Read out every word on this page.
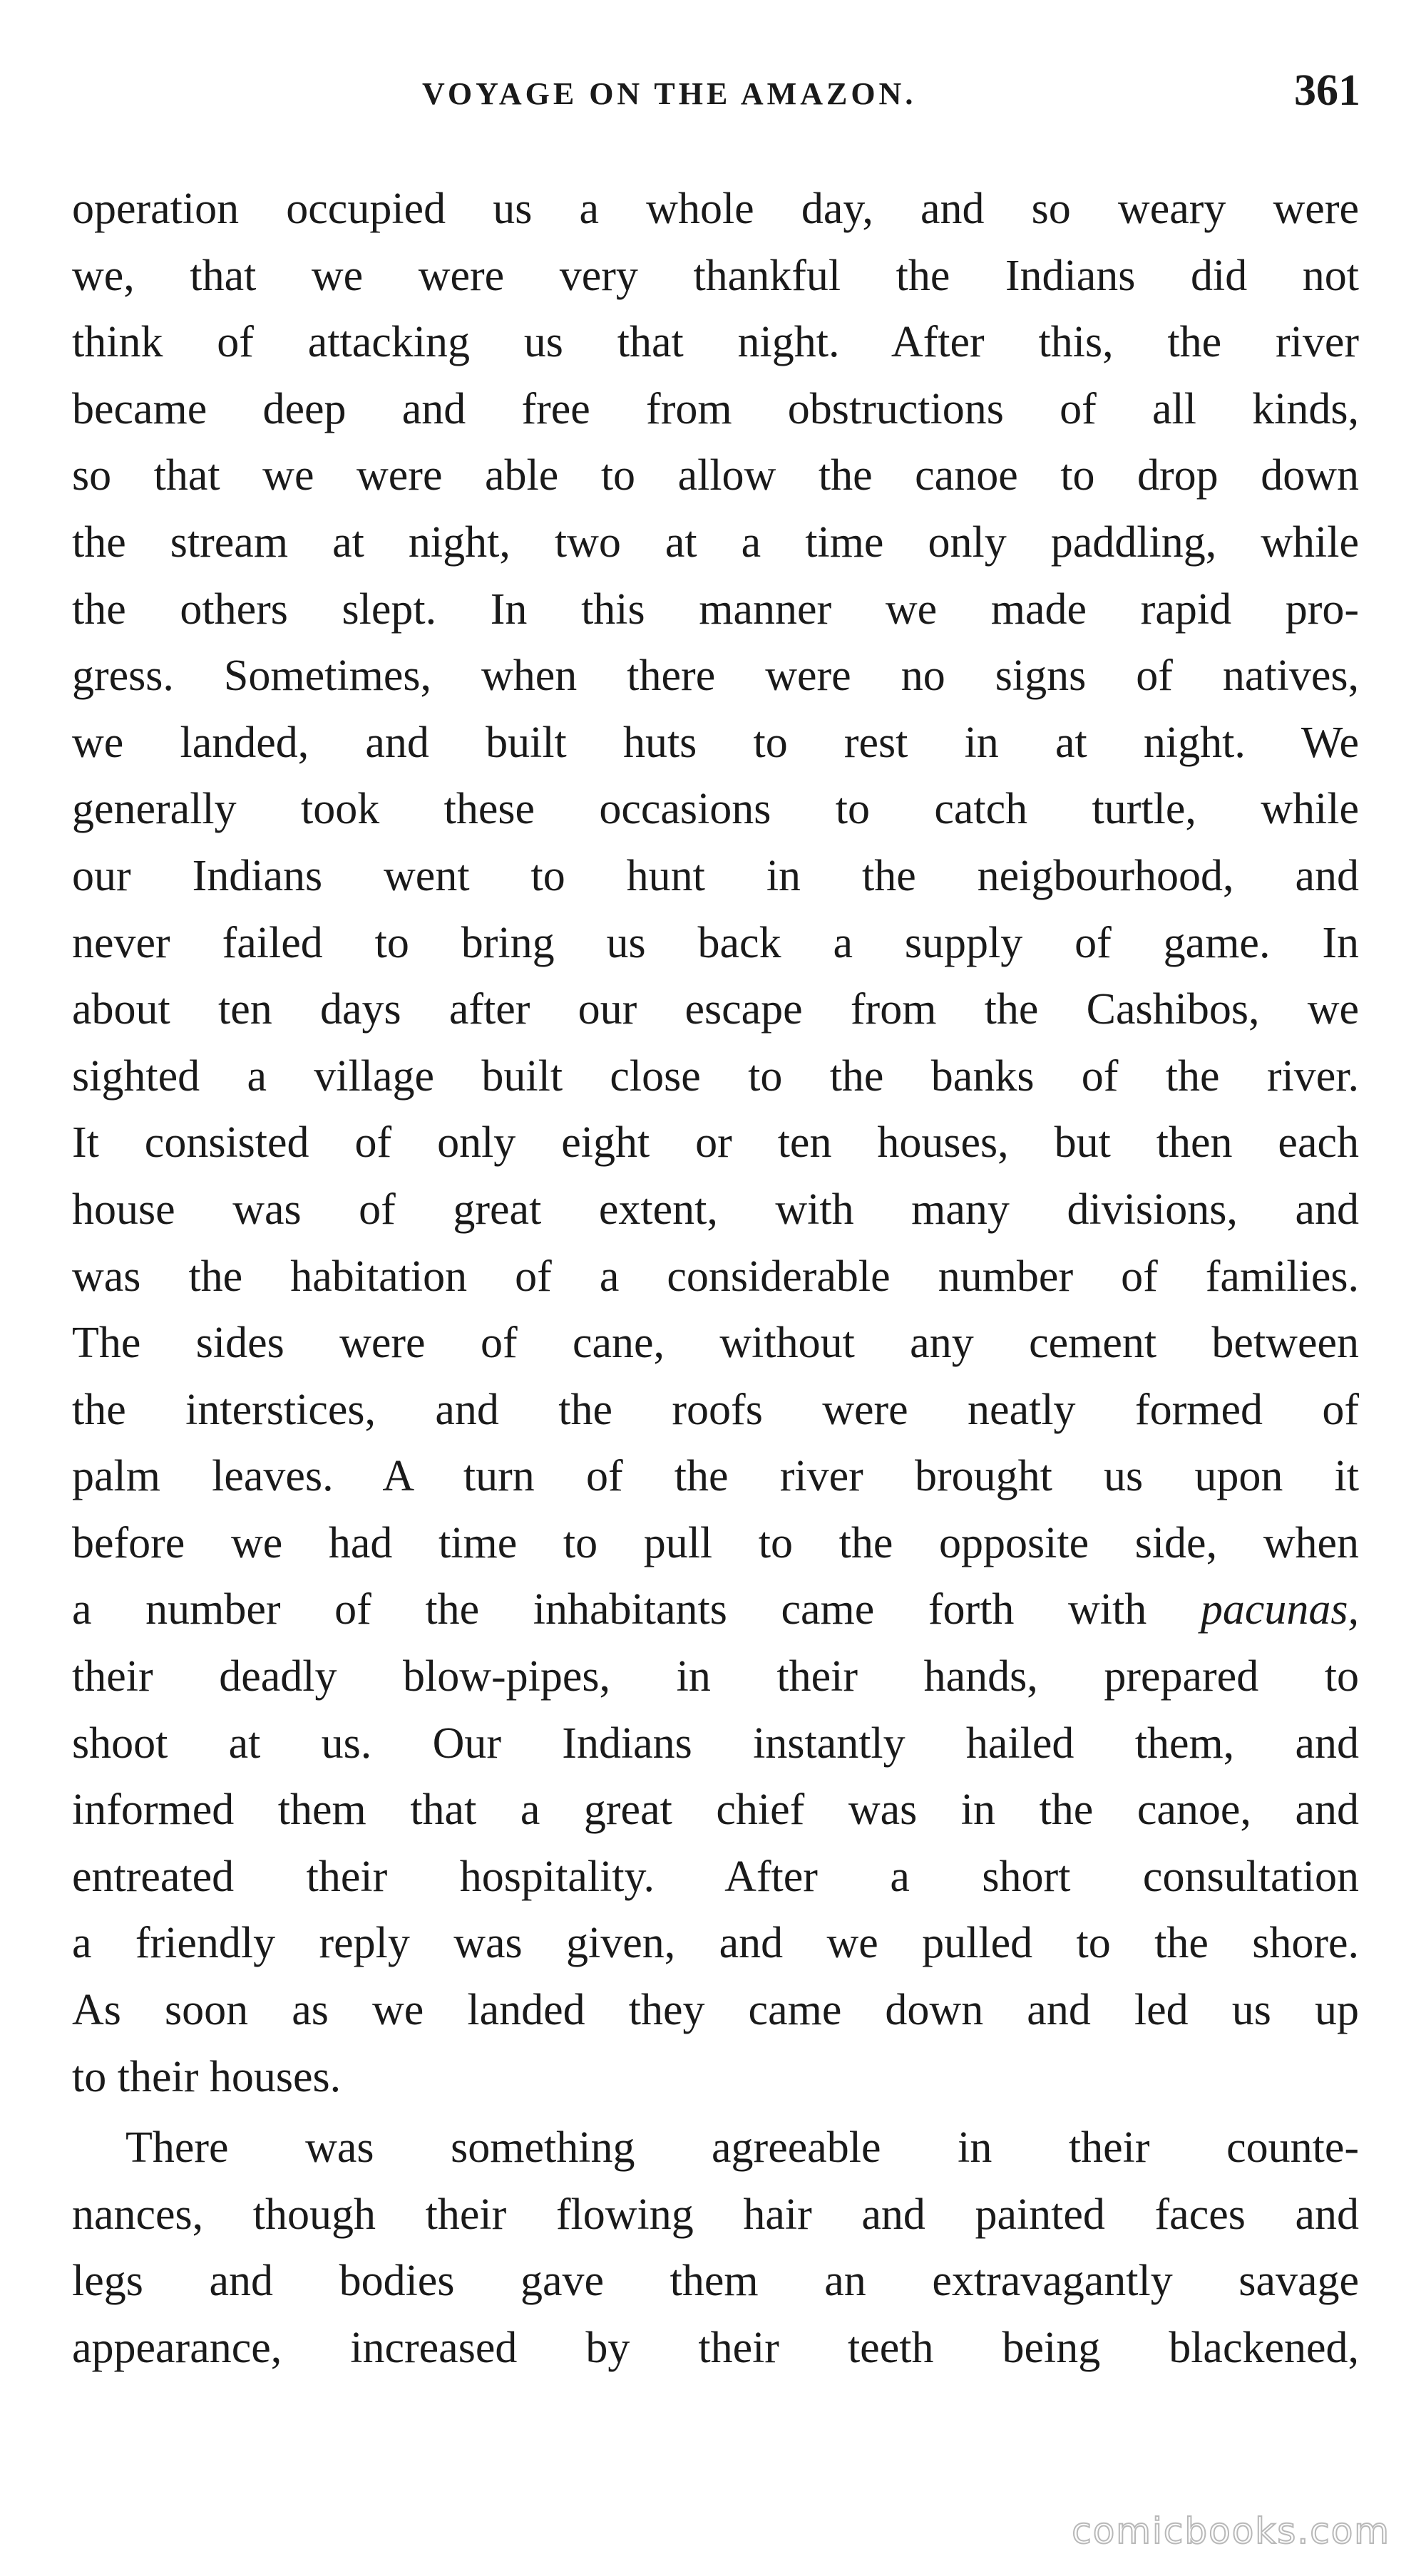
VOYAGE ON THE AMAZON.	361
operation occupied us a whole day, and so weary were
we, that we were very thankful the Indians did not
think of attacking us that night. After this, the river
became deep and free from obstructions of all kinds,
so that we were able to allow the canoe to drop down
the stream at night, two at a time only paddling, while
the others slept. In this manner we made rapid pro-
gress. Sometimes, when there were no signs of natives,
we landed, and built huts to rest in at night. We
generally took these occasions to catch turtle, while
our Indians went to hunt in the neigbourhood, and
never failed to bring us back a supply of game. In
about ten days after our escape from the Cashibos, we
sighted a village built close to the banks of the river.
It consisted of only eight or ten houses, but then each
house was of great extent, with many divisions, and
was the habitation of a considerable number of families.
The sides were of cane, without any cement between
the interstices, and the roofs were neatly formed of
palm leaves. A turn of the river brought us upon it
before we had time to pull to the opposite side, when
a number of the inhabitants came forth with pacunas,
their deadly blow-pipes, in their hands, prepared to
shoot at us. Our Indians instantly hailed them, and
informed them that a great chief was in the canoe, and
entreated their hospitality. After a short consultation
a friendly reply was given, and we pulled to the shore.
As soon as we landed they came down and led us up
to their houses.
There was something agreeable in their counte-
nances, though their flowing hair and painted faces and
legs and bodies gave them an extravagantly savage
appearance, increased by their teeth being blackened,
comicbooks.com
